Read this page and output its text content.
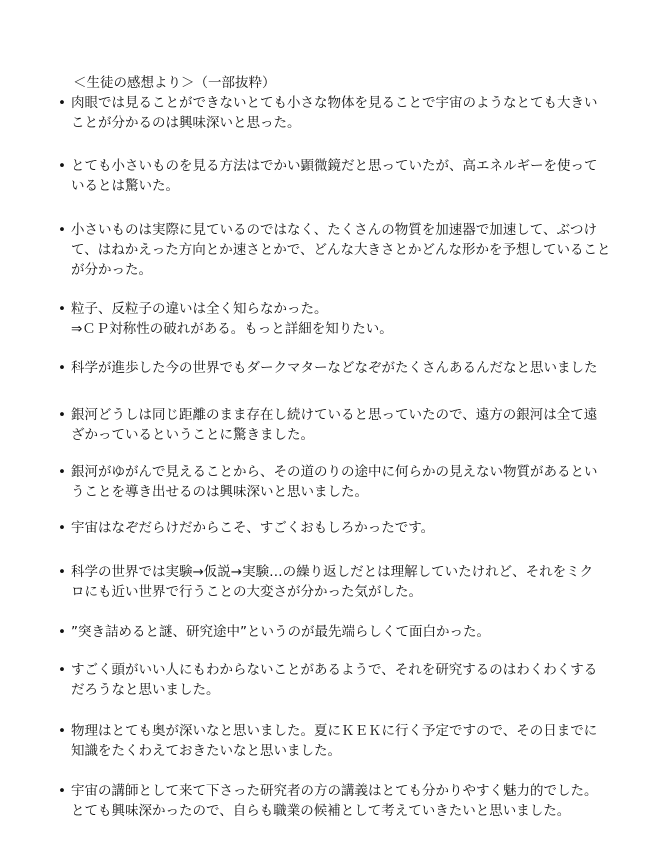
＜生徒の感想より＞（一部抜粋）
• 肉眼では見ることができないとても小さな物体を見ることで宇宙のようなとても大きい
ことが分かるのは興味深いと思った。
• とても小さいものを見る方法はでかい顕微鏡だと思っていたが、高エネルギーを使って
いるとは驚いた。
• 小さいものは実際に見ているのではなく、たくさんの物質を加速器で加速して、ぶつけ
て、はねかえった方向とか速さとかで、どんな大きさとかどんな形かを予想していること
が分かった。
• 粒子、反粒子の違いは全く知らなかった。
⇒ＣＰ対称性の破れがある。もっと詳細を知りたい。
• 科学が進歩した今の世界でもダークマターなどなぞがたくさんあるんだなと思いました
• 銀河どうしは同じ距離のまま存在し続けていると思っていたので、遠方の銀河は全て遠
ざかっているということに驚きました。
• 銀河がゆがんで見えることから、その道のりの途中に何らかの見えない物質があるとい
うことを導き出せるのは興味深いと思いました。
• 宇宙はなぞだらけだからこそ、すごくおもしろかったです。
• 科学の世界では実験→仮説→実験…の繰り返しだとは理解していたけれど、それをミク
ロにも近い世界で行うことの大変さが分かった気がした。
• ”突き詰めると謎、研究途中”というのが最先端らしくて面白かった。
• すごく頭がいい人にもわからないことがあるようで、それを研究するのはわくわくする
だろうなと思いました。
• 物理はとても奥が深いなと思いました。夏にＫＥＫに行く予定ですので、その日までに
知識をたくわえておきたいなと思いました。
• 宇宙の講師として来て下さった研究者の方の講義はとても分かりやすく魅力的でした。
とても興味深かったので、自らも職業の候補として考えていきたいと思いました。
